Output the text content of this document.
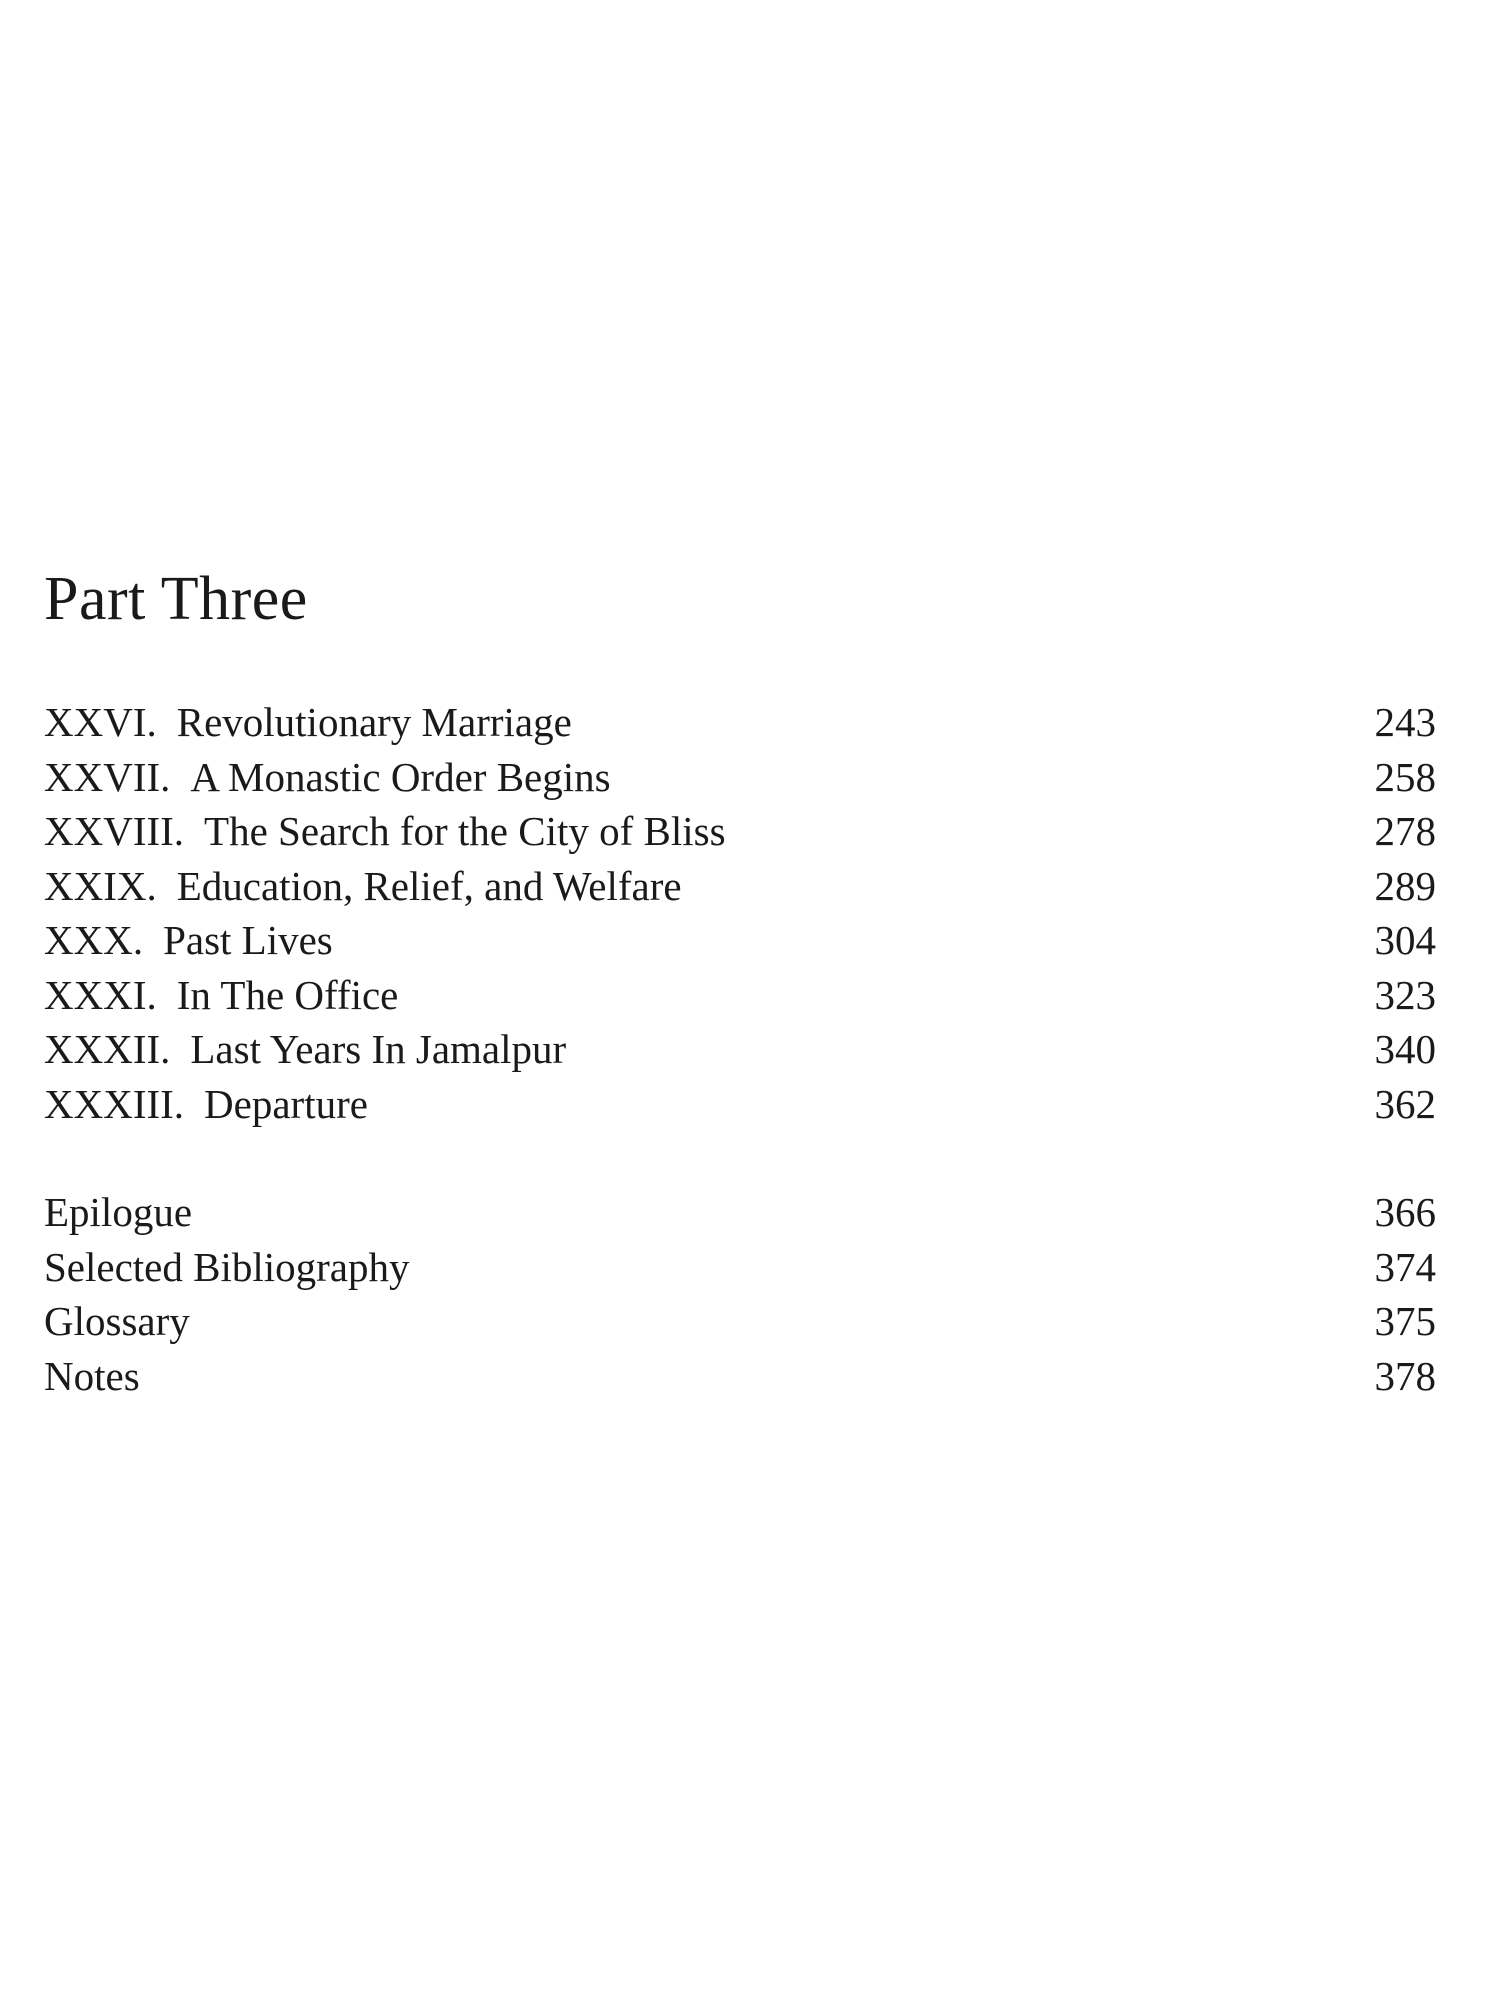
Part Three
XXVI. Revolutionary Marriage	243
XXVII. A Monastic Order Begins	258
XXVIII. The Search for the City of Bliss	278
XXIX. Education, Relief, and Welfare	289
XXX. Past Lives	304
XXXI. In The Office	323
XXXII. Last Years In Jamalpur	340
XXXIII. Departure	362
Epilogue	366
Selected Bibliography	374
Glossary	375
Notes	378
